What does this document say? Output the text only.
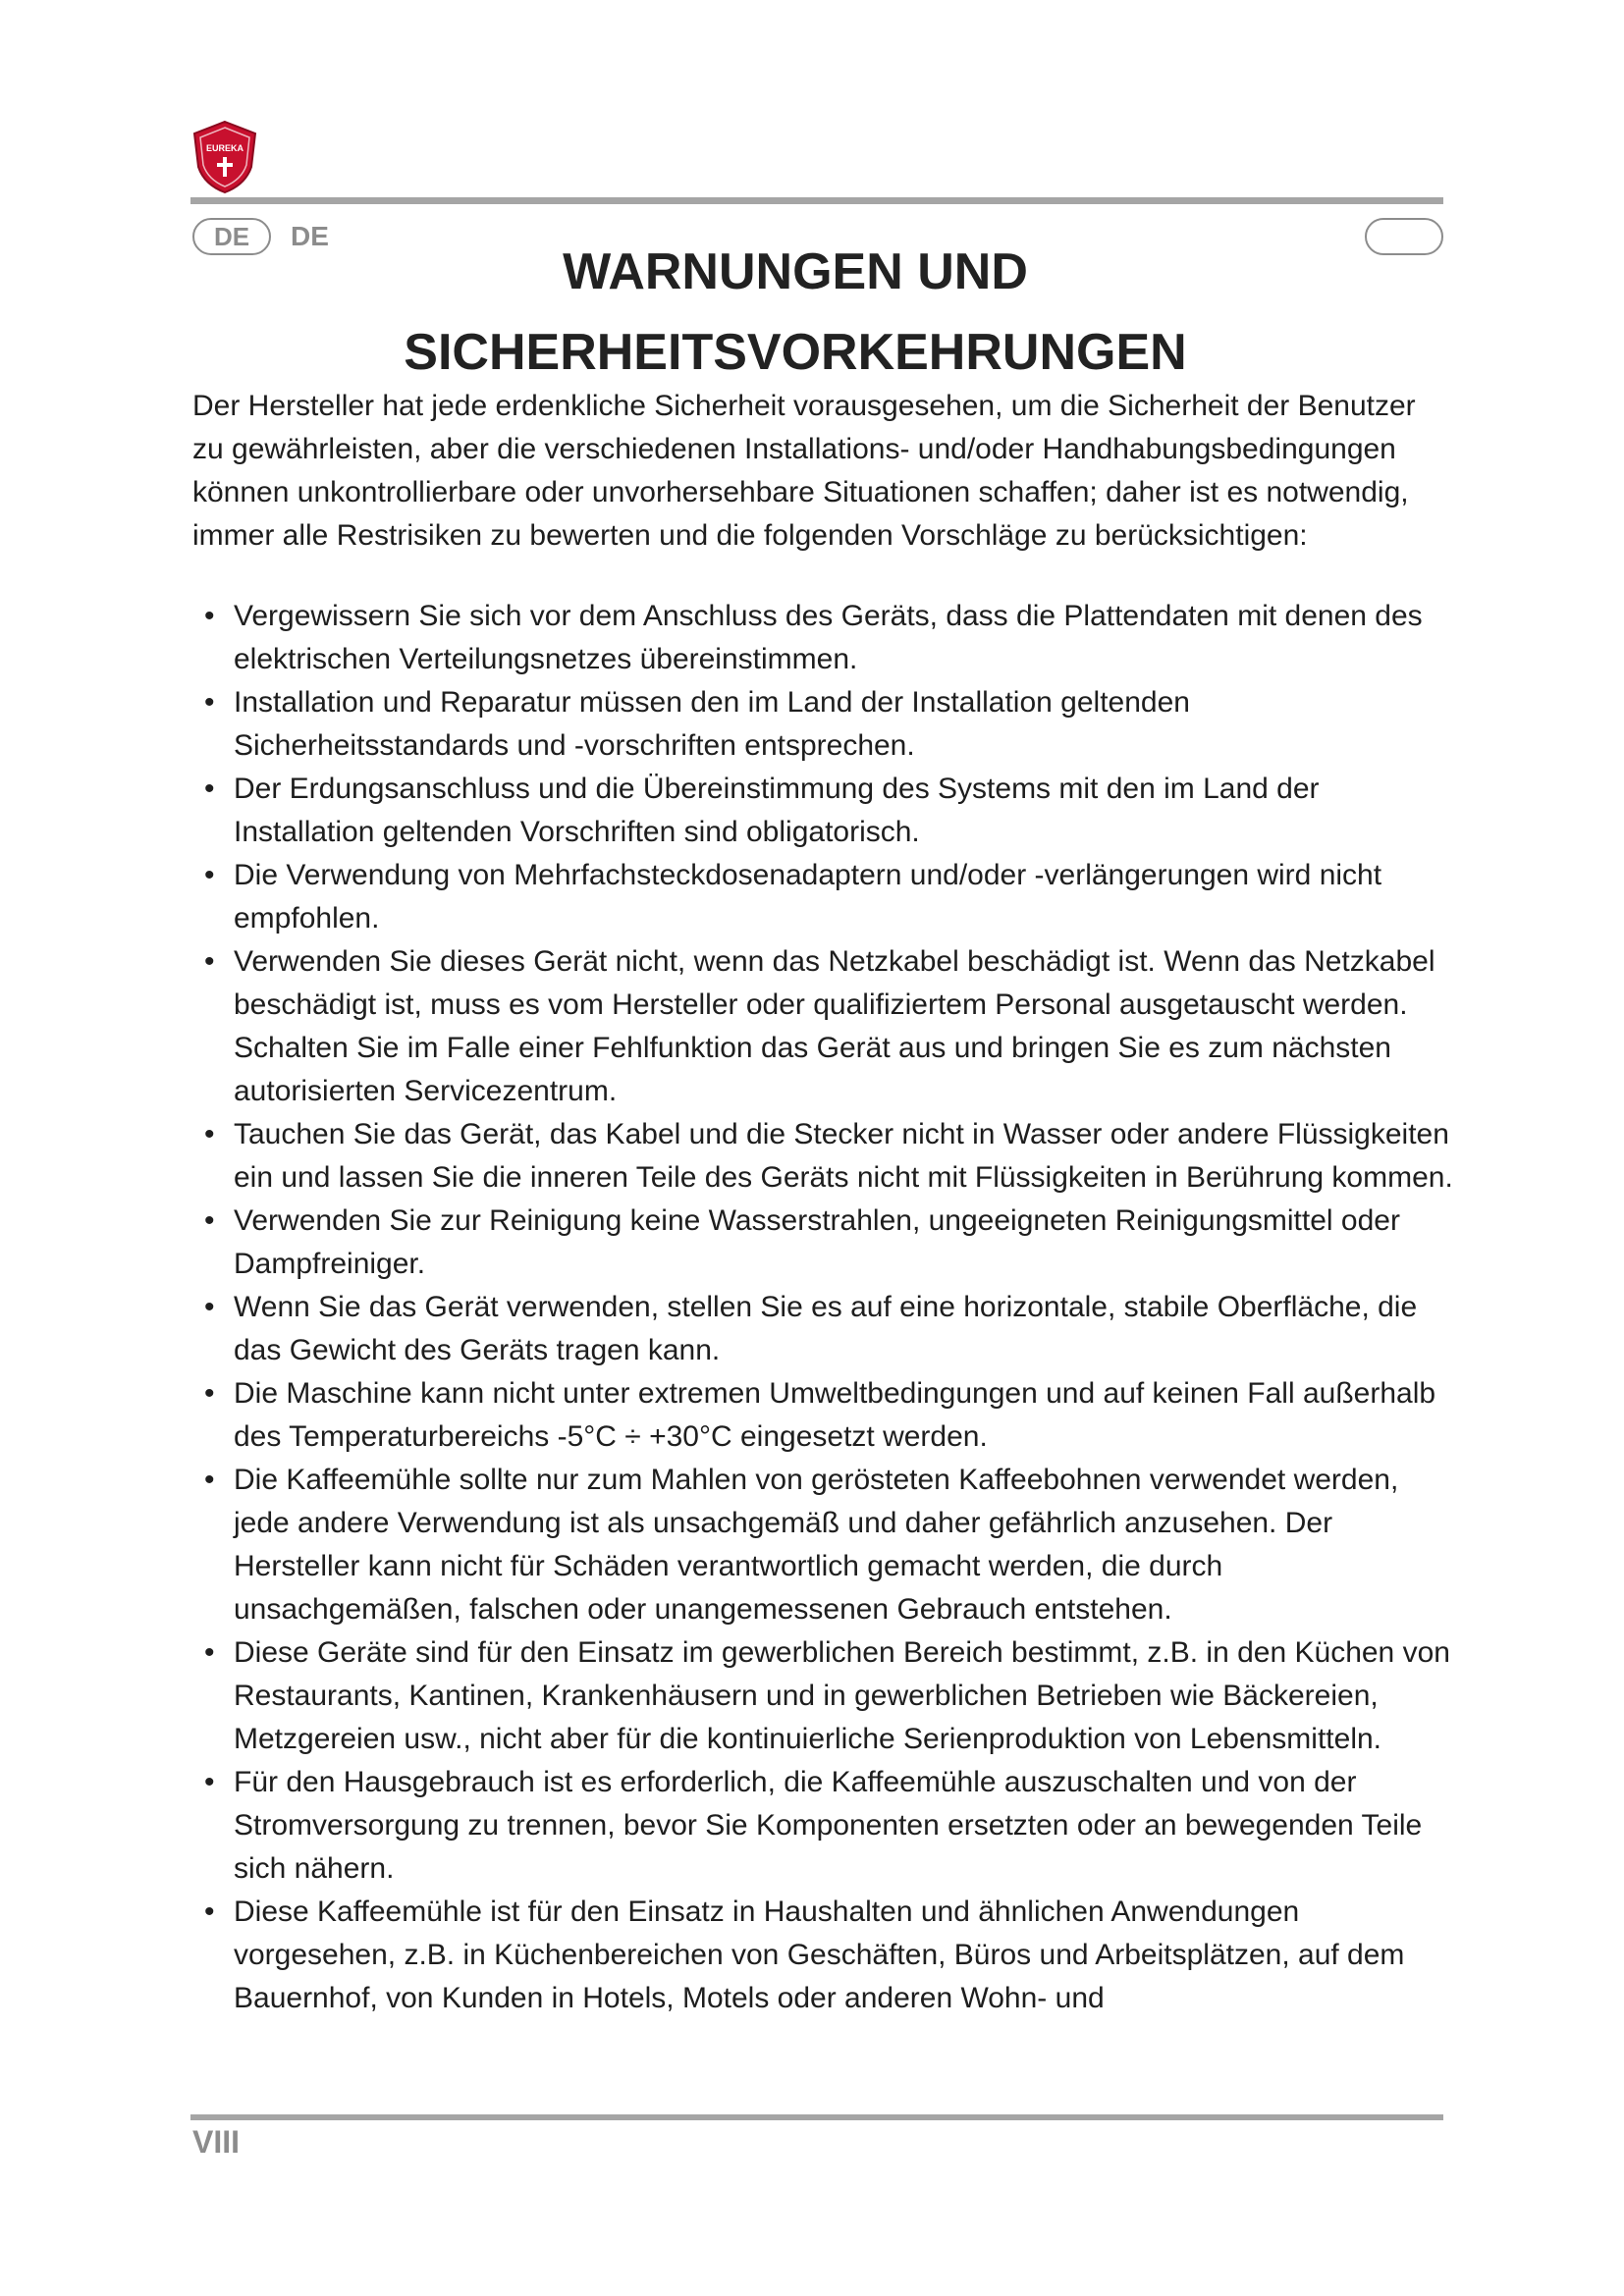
EUREKA
DE	DE
WARNUNGEN UND
SICHERHEITSVORKEHRUNGEN

Der Hersteller hat jede erdenkliche Sicherheit vorausgesehen, um die Sicherheit der Benutzer zu gewährleisten, aber die verschiedenen Installations- und/oder Handhabungsbedingungen können unkontrollierbare oder unvorhersehbare Situationen schaffen; daher ist es notwendig, immer alle Restrisiken zu bewerten und die folgenden Vorschläge zu berücksichtigen:

• Vergewissern Sie sich vor dem Anschluss des Geräts, dass die Plattendaten mit denen des elektrischen Verteilungsnetzes übereinstimmen.
• Installation und Reparatur müssen den im Land der Installation geltenden Sicherheitsstandards und -vorschriften entsprechen.
• Der Erdungsanschluss und die Übereinstimmung des Systems mit den im Land der Installation geltenden Vorschriften sind obligatorisch.
• Die Verwendung von Mehrfachsteckdosenadaptern und/oder -verlängerungen wird nicht empfohlen.
• Verwenden Sie dieses Gerät nicht, wenn das Netzkabel beschädigt ist. Wenn das Netzkabel beschädigt ist, muss es vom Hersteller oder qualifiziertem Personal ausgetauscht werden. Schalten Sie im Falle einer Fehlfunktion das Gerät aus und bringen Sie es zum nächsten autorisierten Servicezentrum.
• Tauchen Sie das Gerät, das Kabel und die Stecker nicht in Wasser oder andere Flüssigkeiten ein und lassen Sie die inneren Teile des Geräts nicht mit Flüssigkeiten in Berührung kommen.
• Verwenden Sie zur Reinigung keine Wasserstrahlen, ungeeigneten Reinigungsmittel oder Dampfreiniger.
• Wenn Sie das Gerät verwenden, stellen Sie es auf eine horizontale, stabile Oberfläche, die das Gewicht des Geräts tragen kann.
• Die Maschine kann nicht unter extremen Umweltbedingungen und auf keinen Fall außerhalb des Temperaturbereichs -5°C ÷ +30°C eingesetzt werden.
• Die Kaffeemühle sollte nur zum Mahlen von gerösteten Kaffeebohnen verwendet werden, jede andere Verwendung ist als unsachgemäß und daher gefährlich anzusehen. Der Hersteller kann nicht für Schäden verantwortlich gemacht werden, die durch unsachgemäßen, falschen oder unangemessenen Gebrauch entstehen.
• Diese Geräte sind für den Einsatz im gewerblichen Bereich bestimmt, z.B. in den Küchen von Restaurants, Kantinen, Krankenhäusern und in gewerblichen Betrieben wie Bäckereien, Metzgereien usw., nicht aber für die kontinuierliche Serienproduktion von Lebensmitteln.
• Für den Hausgebrauch ist es erforderlich, die Kaffeemühle auszuschalten und von der Stromversorgung zu trennen, bevor Sie Komponenten ersetzten oder an bewegenden Teile sich nähern.
• Diese Kaffeemühle ist für den Einsatz in Haushalten und ähnlichen Anwendungen vorgesehen, z.B. in Küchenbereichen von Geschäften, Büros und Arbeitsplätzen, auf dem Bauernhof, von Kunden in Hotels, Motels oder anderen Wohn- und
VIII
